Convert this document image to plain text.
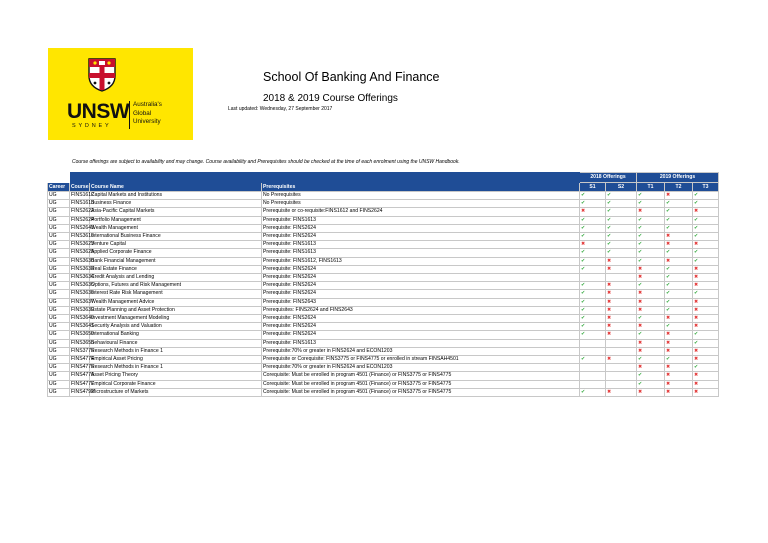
UNSW
SYDNEY
Australia's
Global
University
School Of Banking And Finance
2018 & 2019 Course Offerings
Last updated: Wednesday, 27 September 2017
Course offerings are subject to availability and may change. Course availability and Prerequisites should be checked at the time of each enrolment using the UNSW Handbook.
				2018 Offerings		2019 Offerings		
Career	Course	Course Name	Prerequisites	S1	S2	T1	T2	T3
UG	FINS1612	Capital Markets and Institutions	No Prerequisites	✔	✔	✔	✖	✔
UG	FINS1613	Business Finance	No Prerequisites	✔	✔	✔	✔	✔
UG	FINS2622	Asia-Pacific Capital Markets	Prerequisite or co-requisite:FINS1612 and FINS2624	✖	✔	✖	✔	✖
UG	FINS2624	Portfolio Management	Prerequisite: FINS1613	✔	✔	✔	✔	✔
UG	FINS2643	Wealth Management	Prerequisite: FINS2624	✔	✔	✔	✔	✔
UG	FINS3616	International Business Finance	Prerequisite: FINS2624	✔	✔	✔	✖	✔
UG	FINS3623	Venture Capital	Prerequisite: FINS1613	✖	✔	✔	✖	✖
UG	FINS3625	Applied Corporate Finance	Prerequisite: FINS1613	✔	✔	✔	✔	✔
UG	FINS3630	Bank Financial Management	Prerequisite: FINS1612, FINS1613	✔	✖	✔	✖	✔
UG	FINS3633	Real Estate Finance	Prerequisite: FINS2624	✔	✖	✖	✔	✖
UG	FINS3634	Credit Analysis and Lending	Prerequisite: FINS2624			✖	✔	✖
UG	FINS3635	Options, Futures and Risk Management	Prerequisite: FINS2624	✔	✖	✔	✔	✖
UG	FINS3636	Interest Rate Risk Management	Prerequisite: FINS2624	✔	✖	✖	✔	✔
UG	FINS3637	Wealth Management Advice	Prerequisite: FINS2643	✔	✖	✖	✔	✖
UG	FINS3639	Estate Planning and Asset Protection	Prerequisites: FINS2624 and FINS2643	✔	✖	✖	✔	✖
UG	FINS3640	Investment Management Modeling	Prerequisite: FINS2624	✔	✖	✔	✖	✖
UG	FINS3641	Security Analysis and Valuation	Prerequisite: FINS2624	✔	✖	✖	✔	✖
UG	FINS3650	International Banking	Prerequisite: FINS2624	✔	✖	✔	✖	✔
UG	FINS3655	Behavioural Finance	Prerequisite: FINS1613			✖	✖	✔
UG	FINS3775	Research Methods in Finance 1	Prerequisite:70% or greater in FINS2624 and ECON1203			✖	✖	✖
UG	FINS4774	Empirical Asset Pricing	Prerequisite or Corequisite: FINS3775 or FINS4775 or enrolled in stream FINSAH4501	✔	✖	✔	✔	✖
UG	FINS4775	Research Methods in Finance 1	Prerequisite:70% or greater in FINS2624 and ECON1203			✖	✖	✔
UG	FINS4776	Asset Pricing Theory	Corequisite: Must be enrolled in program 4501 (Finance) or FINS3775 or FINS4775			✔	✖	✖
UG	FINS4777	Empirical Corporate Finance	Corequisite: Must be enrolled in program 4501 (Finance) or FINS3775 or FINS4775			✔	✖	✖
UG	FINS4792	Microstructure of Markets	Corequisite: Must be enrolled in program 4501 (Finance) or FINS3775 or FINS4775	✔	✖	✖	✖	✖
